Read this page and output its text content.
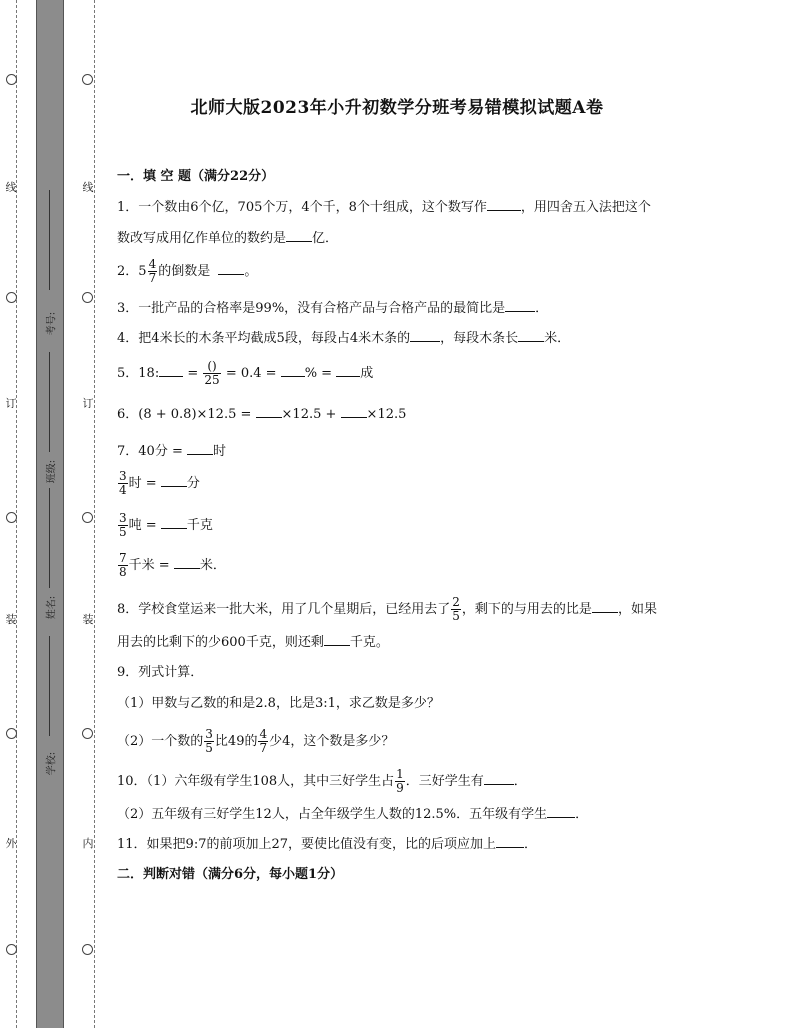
线
订
装
外
线
订
装
内
考号:
班级:
姓名:
学校:
北师大版2023年小升初数学分班考易错模拟试题A卷
一．填 空 题（满分22分）
1．一个数由6个亿，705个万，4个千，8个十组成，这个数写作	，用四舍五入法把这个
数改写成用亿作单位的数约是 亿．
2．$5 \frac{4}{7}$ 的倒数是	。
3．一批产品的合格率是99%，没有合格产品与合格产品的最简比是 ．
4．把4米长的木条平均截成5段，每段占4米木条的 ，每段木条长 米．
5．18: = $\frac{()}{25} = 0.4$ = % = 成
6．(8 + 0.8)×12.5 = ×12.5 + ×12.5
7．40分 = 时
$\frac{3}{4}$ 时 = 分
$\frac{3}{5}$ 吨 = 千克
$\frac{7}{8}$ 千米 = 米．
8．学校食堂运来一批大米，用了几个星期后，已经用去了 $\frac{2}{5}$ ，剩下的与用去的比是 ，如果
用去的比剩下的少600千克，则还剩 千克。
9．列式计算．
（1）甲数与乙数的和是2.8，比是3:1，求乙数是多少？
（2）一个数的 $\frac{3}{5}$ 比49的 $\frac{4}{7}$ 少4，这个数是多少？
10．（1）六年级有学生108人，其中三好学生占 $\frac{1}{9}$ ．三好学生有 ．
（2）五年级有三好学生12人，占全年级学生人数的12.5%．五年级有学生 ．
11．如果把9:7的前项加上27，要使比值没有变，比的后项应加上 ．
二．判断对错（满分6分，每小题1分）
